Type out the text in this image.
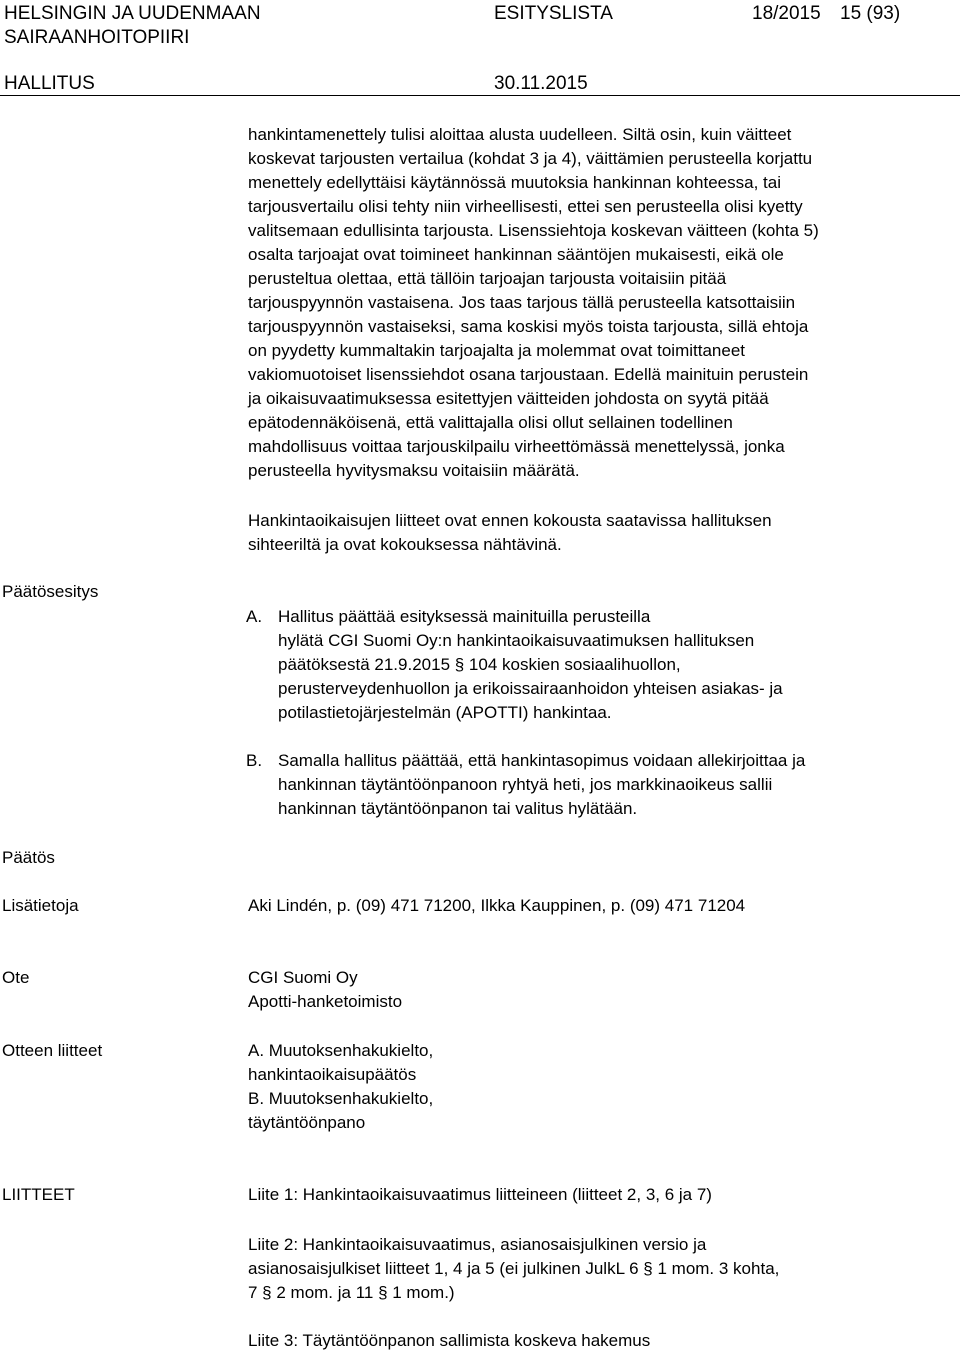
HELSINGIN JA UUDENMAAN
SAIRAANHOITOPIIRI
ESITYSLISTA	18/2015 15 (93)
HALLITUS	30.11.2015
hankintamenettely tulisi aloittaa alusta uudelleen. Siltä osin, kuin väitteet
koskevat tarjousten vertailua (kohdat 3 ja 4), väittämien perusteella korjattu
menettely edellyttäisi käytännössä muutoksia hankinnan kohteessa, tai
tarjousvertailu olisi tehty niin virheellisesti, ettei sen perusteella olisi kyetty
valitsemaan edullisinta tarjousta. Lisenssiehtoja koskevan väitteen (kohta 5)
osalta tarjoajat ovat toimineet hankinnan sääntöjen mukaisesti, eikä ole
perusteltua olettaa, että tällöin tarjoajan tarjousta voitaisiin pitää
tarjouspyynnön vastaisena. Jos taas tarjous tällä perusteella katsottaisiin
tarjouspyynnön vastaiseksi, sama koskisi myös toista tarjousta, sillä ehtoja
on pyydetty kummaltakin tarjoajalta ja molemmat ovat toimittaneet
vakiomuotoiset lisenssiehdot osana tarjoustaan. Edellä mainituin perustein
ja oikaisuvaatimuksessa esitettyjen väitteiden johdosta on syytä pitää
epätodennäköisenä, että valittajalla olisi ollut sellainen todellinen
mahdollisuus voittaa tarjouskilpailu virheettömässä menettelyssä, jonka
perusteella hyvitysmaksu voitaisiin määrätä.
Hankintaoikaisujen liitteet ovat ennen kokousta saatavissa hallituksen
sihteeriltä ja ovat kokouksessa nähtävinä.
Päätösesitys
A. Hallitus päättää esityksessä mainituilla perusteilla
hylätä CGI Suomi Oy:n hankintaoikaisuvaatimuksen hallituksen
päätöksestä 21.9.2015 § 104 koskien sosiaalihuollon,
perusterveydenhuollon ja erikoissairaanhoidon yhteisen asiakas- ja
potilastietojärjestelmän (APOTTI) hankintaa.
B. Samalla hallitus päättää, että hankintasopimus voidaan allekirjoittaa ja
hankinnan täytäntöönpanoon ryhtyä heti, jos markkinaoikeus sallii
hankinnan täytäntöönpanon tai valitus hylätään.
Päätös
Lisätietoja	Aki Lindén, p. (09) 471 71200, Ilkka Kauppinen, p. (09) 471 71204
Ote	CGI Suomi Oy
Apotti-hanketoimisto
Otteen liitteet	A. Muutoksenhakukielto,
hankintaoikaisupäätös
B. Muutoksenhakukielto,
täytäntöönpano
LIITTEET	Liite 1: Hankintaoikaisuvaatimus liitteineen (liitteet 2, 3, 6 ja 7)
Liite 2: Hankintaoikaisuvaatimus, asianosaisjulkinen versio ja
asianosaisjulkiset liitteet 1, 4 ja 5 (ei julkinen JulkL 6 § 1 mom. 3 kohta,
7 § 2 mom. ja 11 § 1 mom.)
Liite 3: Täytäntöönpanon sallimista koskeva hakemus
